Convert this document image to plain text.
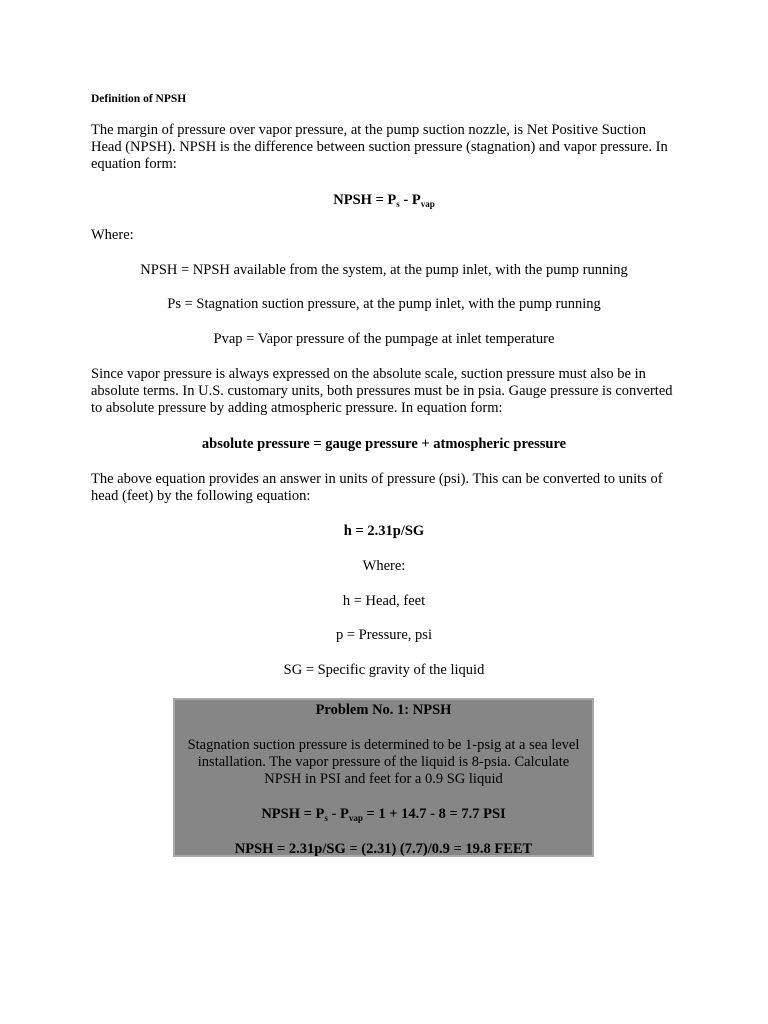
Definition of NPSH

The margin of pressure over vapor pressure, at the pump suction nozzle, is Net Positive Suction Head (NPSH). NPSH is the difference between suction pressure (stagnation) and vapor pressure. In equation form:

NPSH = $P_s - P_{vap}$

Where:

NPSH = NPSH available from the system, at the pump inlet, with the pump running

Ps = Stagnation suction pressure, at the pump inlet, with the pump running

Pvap = Vapor pressure of the pumpage at inlet temperature

Since vapor pressure is always expressed on the absolute scale, suction pressure must also be in absolute terms. In U.S. customary units, both pressures must be in psia. Gauge pressure is converted to absolute pressure by adding atmospheric pressure. In equation form:

absolute pressure = gauge pressure + atmospheric pressure

The above equation provides an answer in units of pressure (psi). This can be converted to units of head (feet) by the following equation:

h = 2.31p/SG

Where:

h = Head, feet

p = Pressure, psi

SG = Specific gravity of the liquid

Problem No. 1: NPSH
Stagnation suction pressure is determined to be 1-psig at a sea level
installation. The vapor pressure of the liquid is 8-psia. Calculate
NPSH in PSI and feet for a 0.9 SG liquid
NPSH = $P_s - P_{vap} = 1 + 14.7 - 8 = 7.7$ PSI
NPSH = 2.31p/SG = (2.31) (7.7)/0.9 = 19.8 FEET
